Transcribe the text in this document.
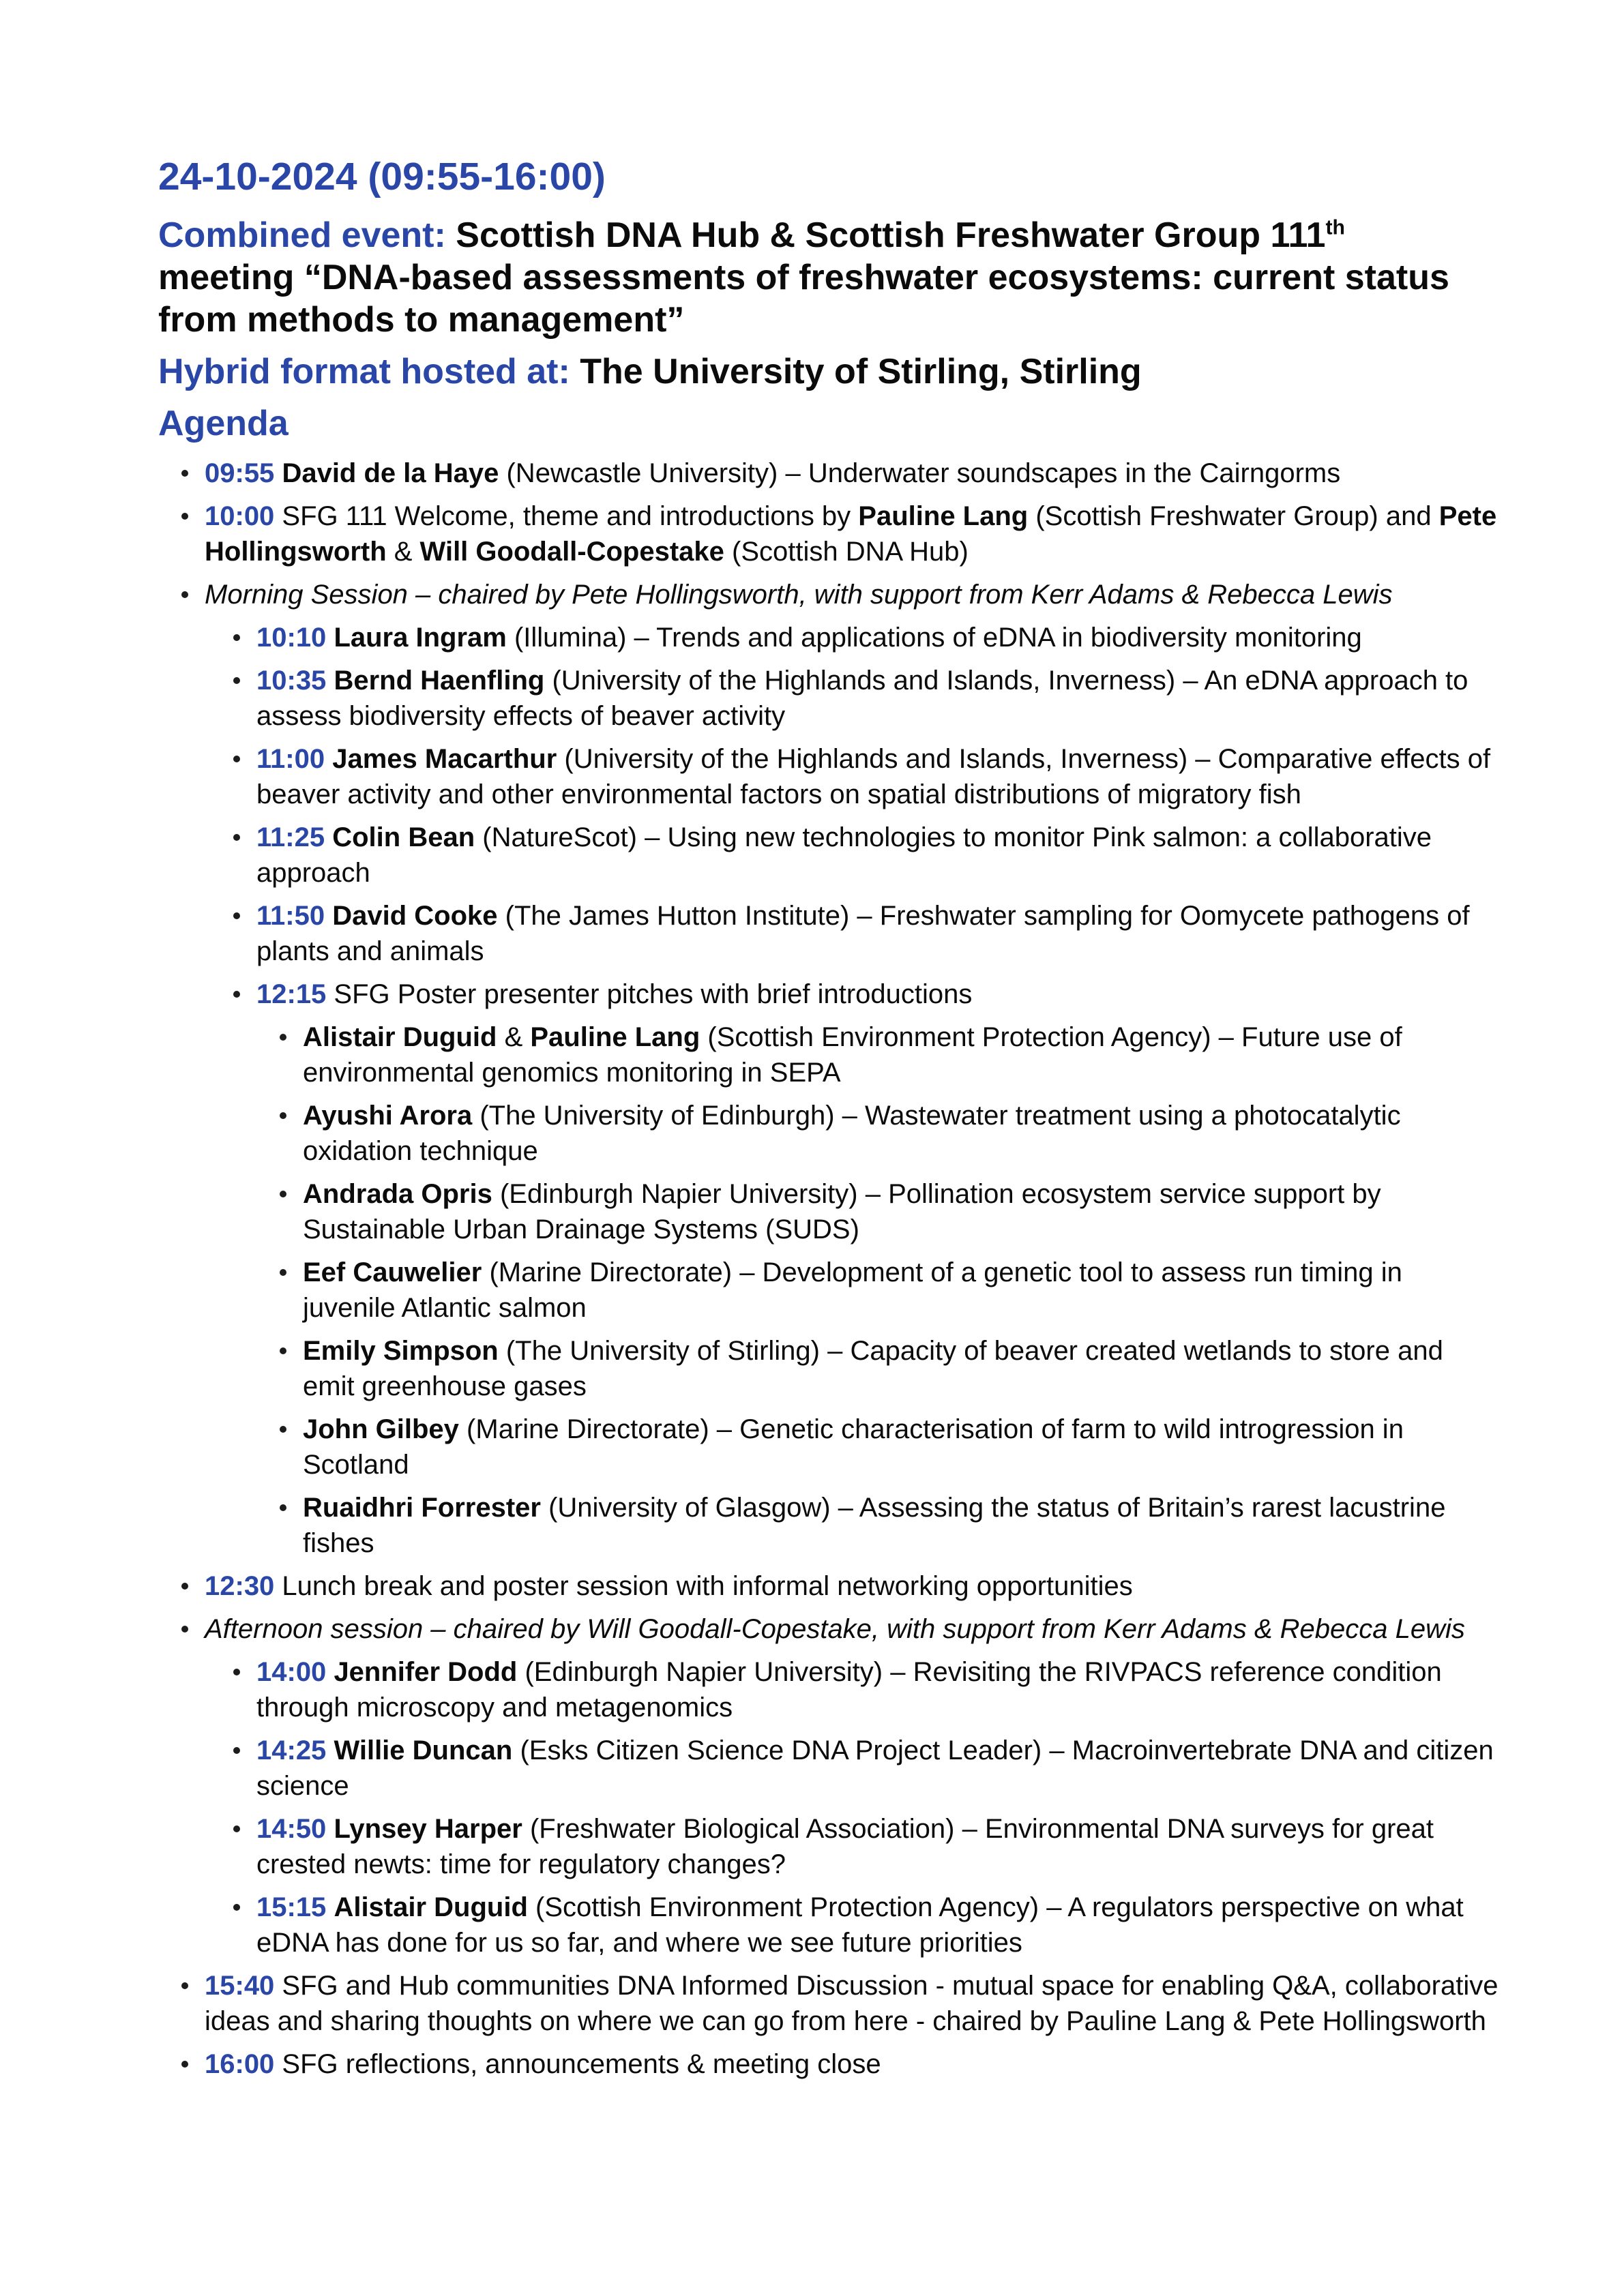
24-10-2024 (09:55-16:00)

Combined event: Scottish DNA Hub & Scottish Freshwater Group 111th meeting “DNA-based assessments of freshwater ecosystems: current status from methods to management”

Hybrid format hosted at: The University of Stirling, Stirling

Agenda
09:55 David de la Haye (Newcastle University) – Underwater soundscapes in the Cairngorms
10:00 SFG 111 Welcome, theme and introductions by Pauline Lang (Scottish Freshwater Group) and Pete Hollingsworth & Will Goodall-Copestake (Scottish DNA Hub)
Morning Session – chaired by Pete Hollingsworth, with support from Kerr Adams & Rebecca Lewis
10:10 Laura Ingram (Illumina) – Trends and applications of eDNA in biodiversity monitoring
10:35 Bernd Haenfling (University of the Highlands and Islands, Inverness) – An eDNA approach to assess biodiversity effects of beaver activity
11:00 James Macarthur (University of the Highlands and Islands, Inverness) – Comparative effects of beaver activity and other environmental factors on spatial distributions of migratory fish
11:25 Colin Bean (NatureScot) – Using new technologies to monitor Pink salmon: a collaborative approach
11:50 David Cooke (The James Hutton Institute) – Freshwater sampling for Oomycete pathogens of plants and animals
12:15 SFG Poster presenter pitches with brief introductions
Alistair Duguid & Pauline Lang (Scottish Environment Protection Agency) – Future use of environmental genomics monitoring in SEPA
Ayushi Arora (The University of Edinburgh) – Wastewater treatment using a photocatalytic oxidation technique
Andrada Opris (Edinburgh Napier University) – Pollination ecosystem service support by Sustainable Urban Drainage Systems (SUDS)
Eef Cauwelier (Marine Directorate) – Development of a genetic tool to assess run timing in juvenile Atlantic salmon
Emily Simpson (The University of Stirling) – Capacity of beaver created wetlands to store and emit greenhouse gases
John Gilbey (Marine Directorate) – Genetic characterisation of farm to wild introgression in Scotland
Ruaidhri Forrester (University of Glasgow) – Assessing the status of Britain’s rarest lacustrine fishes
12:30 Lunch break and poster session with informal networking opportunities
Afternoon session – chaired by Will Goodall-Copestake, with support from Kerr Adams & Rebecca Lewis
14:00 Jennifer Dodd (Edinburgh Napier University) – Revisiting the RIVPACS reference condition through microscopy and metagenomics
14:25 Willie Duncan (Esks Citizen Science DNA Project Leader) – Macroinvertebrate DNA and citizen science
14:50 Lynsey Harper (Freshwater Biological Association) – Environmental DNA surveys for great crested newts: time for regulatory changes?
15:15 Alistair Duguid (Scottish Environment Protection Agency) – A regulators perspective on what eDNA has done for us so far, and where we see future priorities
15:40 SFG and Hub communities DNA Informed Discussion - mutual space for enabling Q&A, collaborative ideas and sharing thoughts on where we can go from here - chaired by Pauline Lang & Pete Hollingsworth
16:00 SFG reflections, announcements & meeting close
